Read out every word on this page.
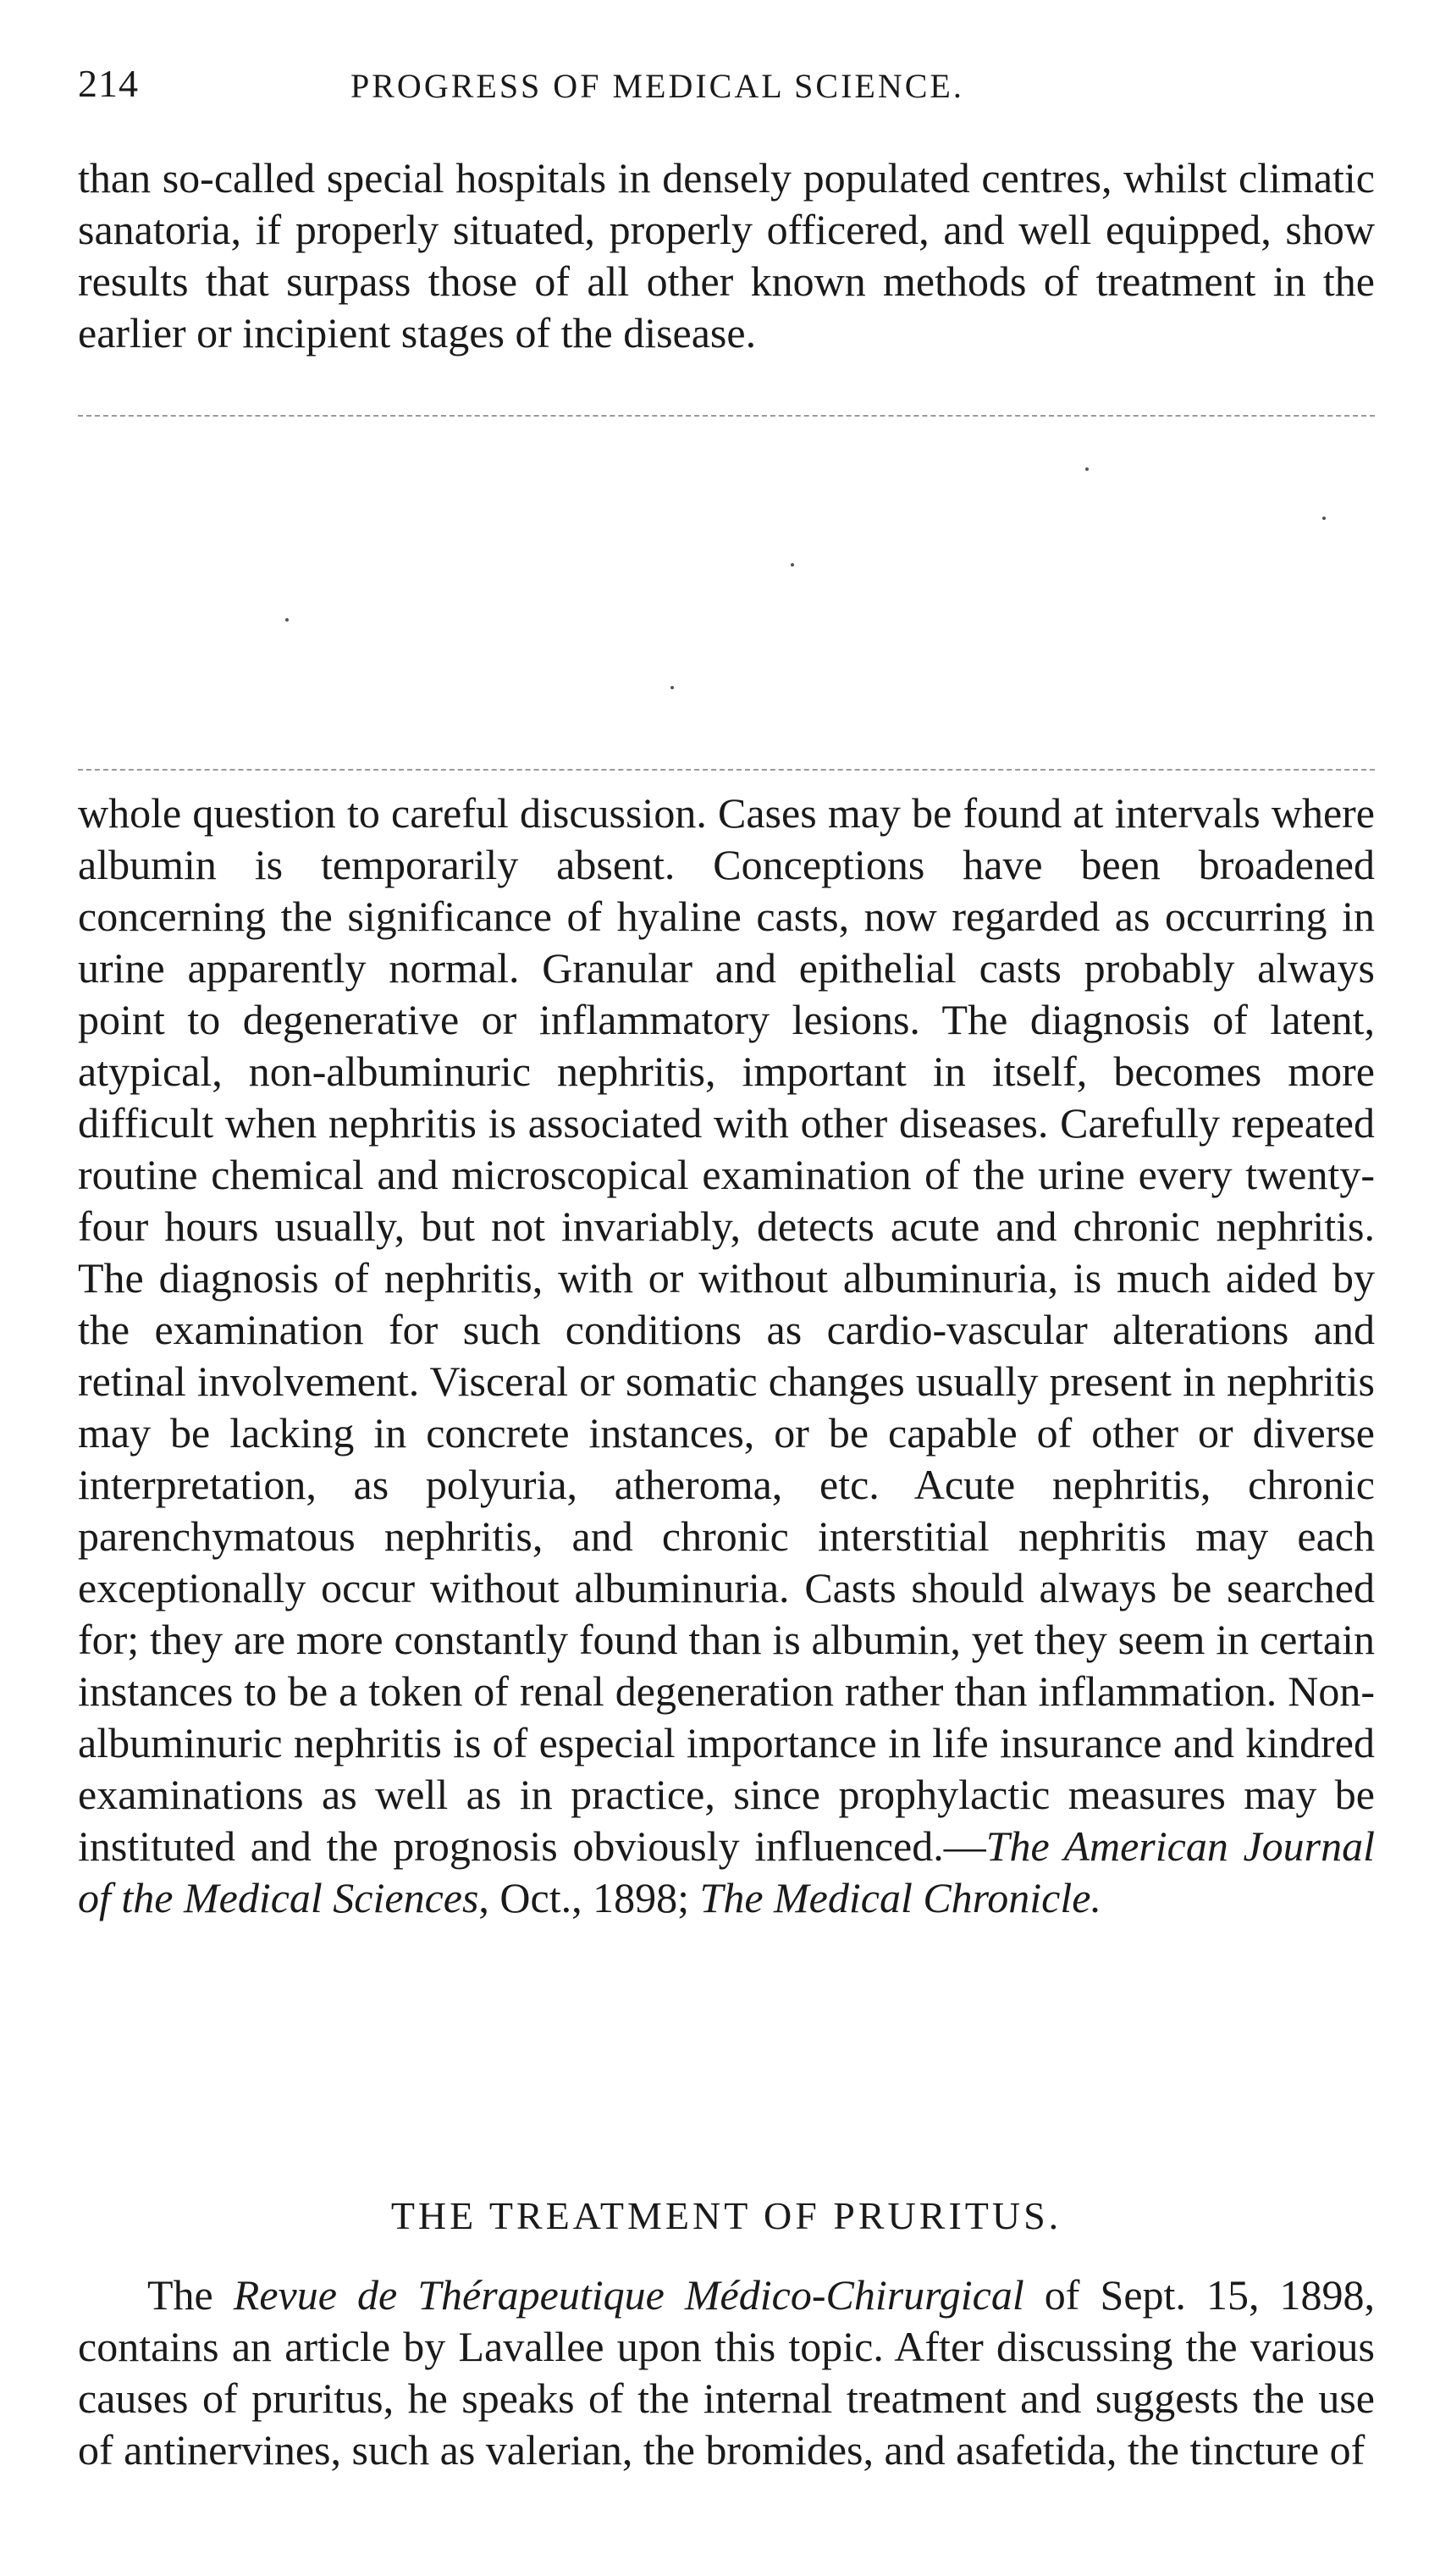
214	PROGRESS OF MEDICAL SCIENCE.

than so-called special hospitals in densely populated centres, whilst climatic sanatoria, if properly situated, properly officered, and well equipped, show results that surpass those of all other known methods of treatment in the earlier or incipient stages of the disease.

whole question to careful discussion. Cases may be found at intervals where albumin is temporarily absent. Conceptions have been broadened concerning the significance of hyaline casts, now regarded as occurring in urine apparently normal. Granular and epithelial casts probably always point to degenerative or inflammatory lesions. The diagnosis of latent, atypical, non-albuminuric nephritis, important in itself, becomes more difficult when nephritis is associated with other diseases. Carefully repeated routine chemical and microscopical examination of the urine every twenty-four hours usually, but not invariably, detects acute and chronic nephritis. The diagnosis of nephritis, with or without albuminuria, is much aided by the examination for such conditions as cardio-vascular alterations and retinal involvement. Visceral or somatic changes usually present in nephritis may be lacking in concrete instances, or be capable of other or diverse interpretation, as polyuria, atheroma, etc. Acute nephritis, chronic parenchymatous nephritis, and chronic interstitial nephritis may each exceptionally occur without albuminuria. Casts should always be searched for; they are more constantly found than is albumin, yet they seem in certain instances to be a token of renal degeneration rather than inflammation. Non-albuminuric nephritis is of especial importance in life insurance and kindred examinations as well as in practice, since prophylactic measures may be instituted and the prognosis obviously influenced.—The American Journal of the Medical Sciences, Oct., 1898; The Medical Chronicle.

THE TREATMENT OF PRURITUS.

The Revue de Thérapeutique Médico-Chirurgical of Sept. 15, 1898, contains an article by Lavallee upon this topic. After discussing the various causes of pruritus, he speaks of the internal treatment and suggests the use of antinervines, such as valerian, the bromides, and asafetida, the tincture of
